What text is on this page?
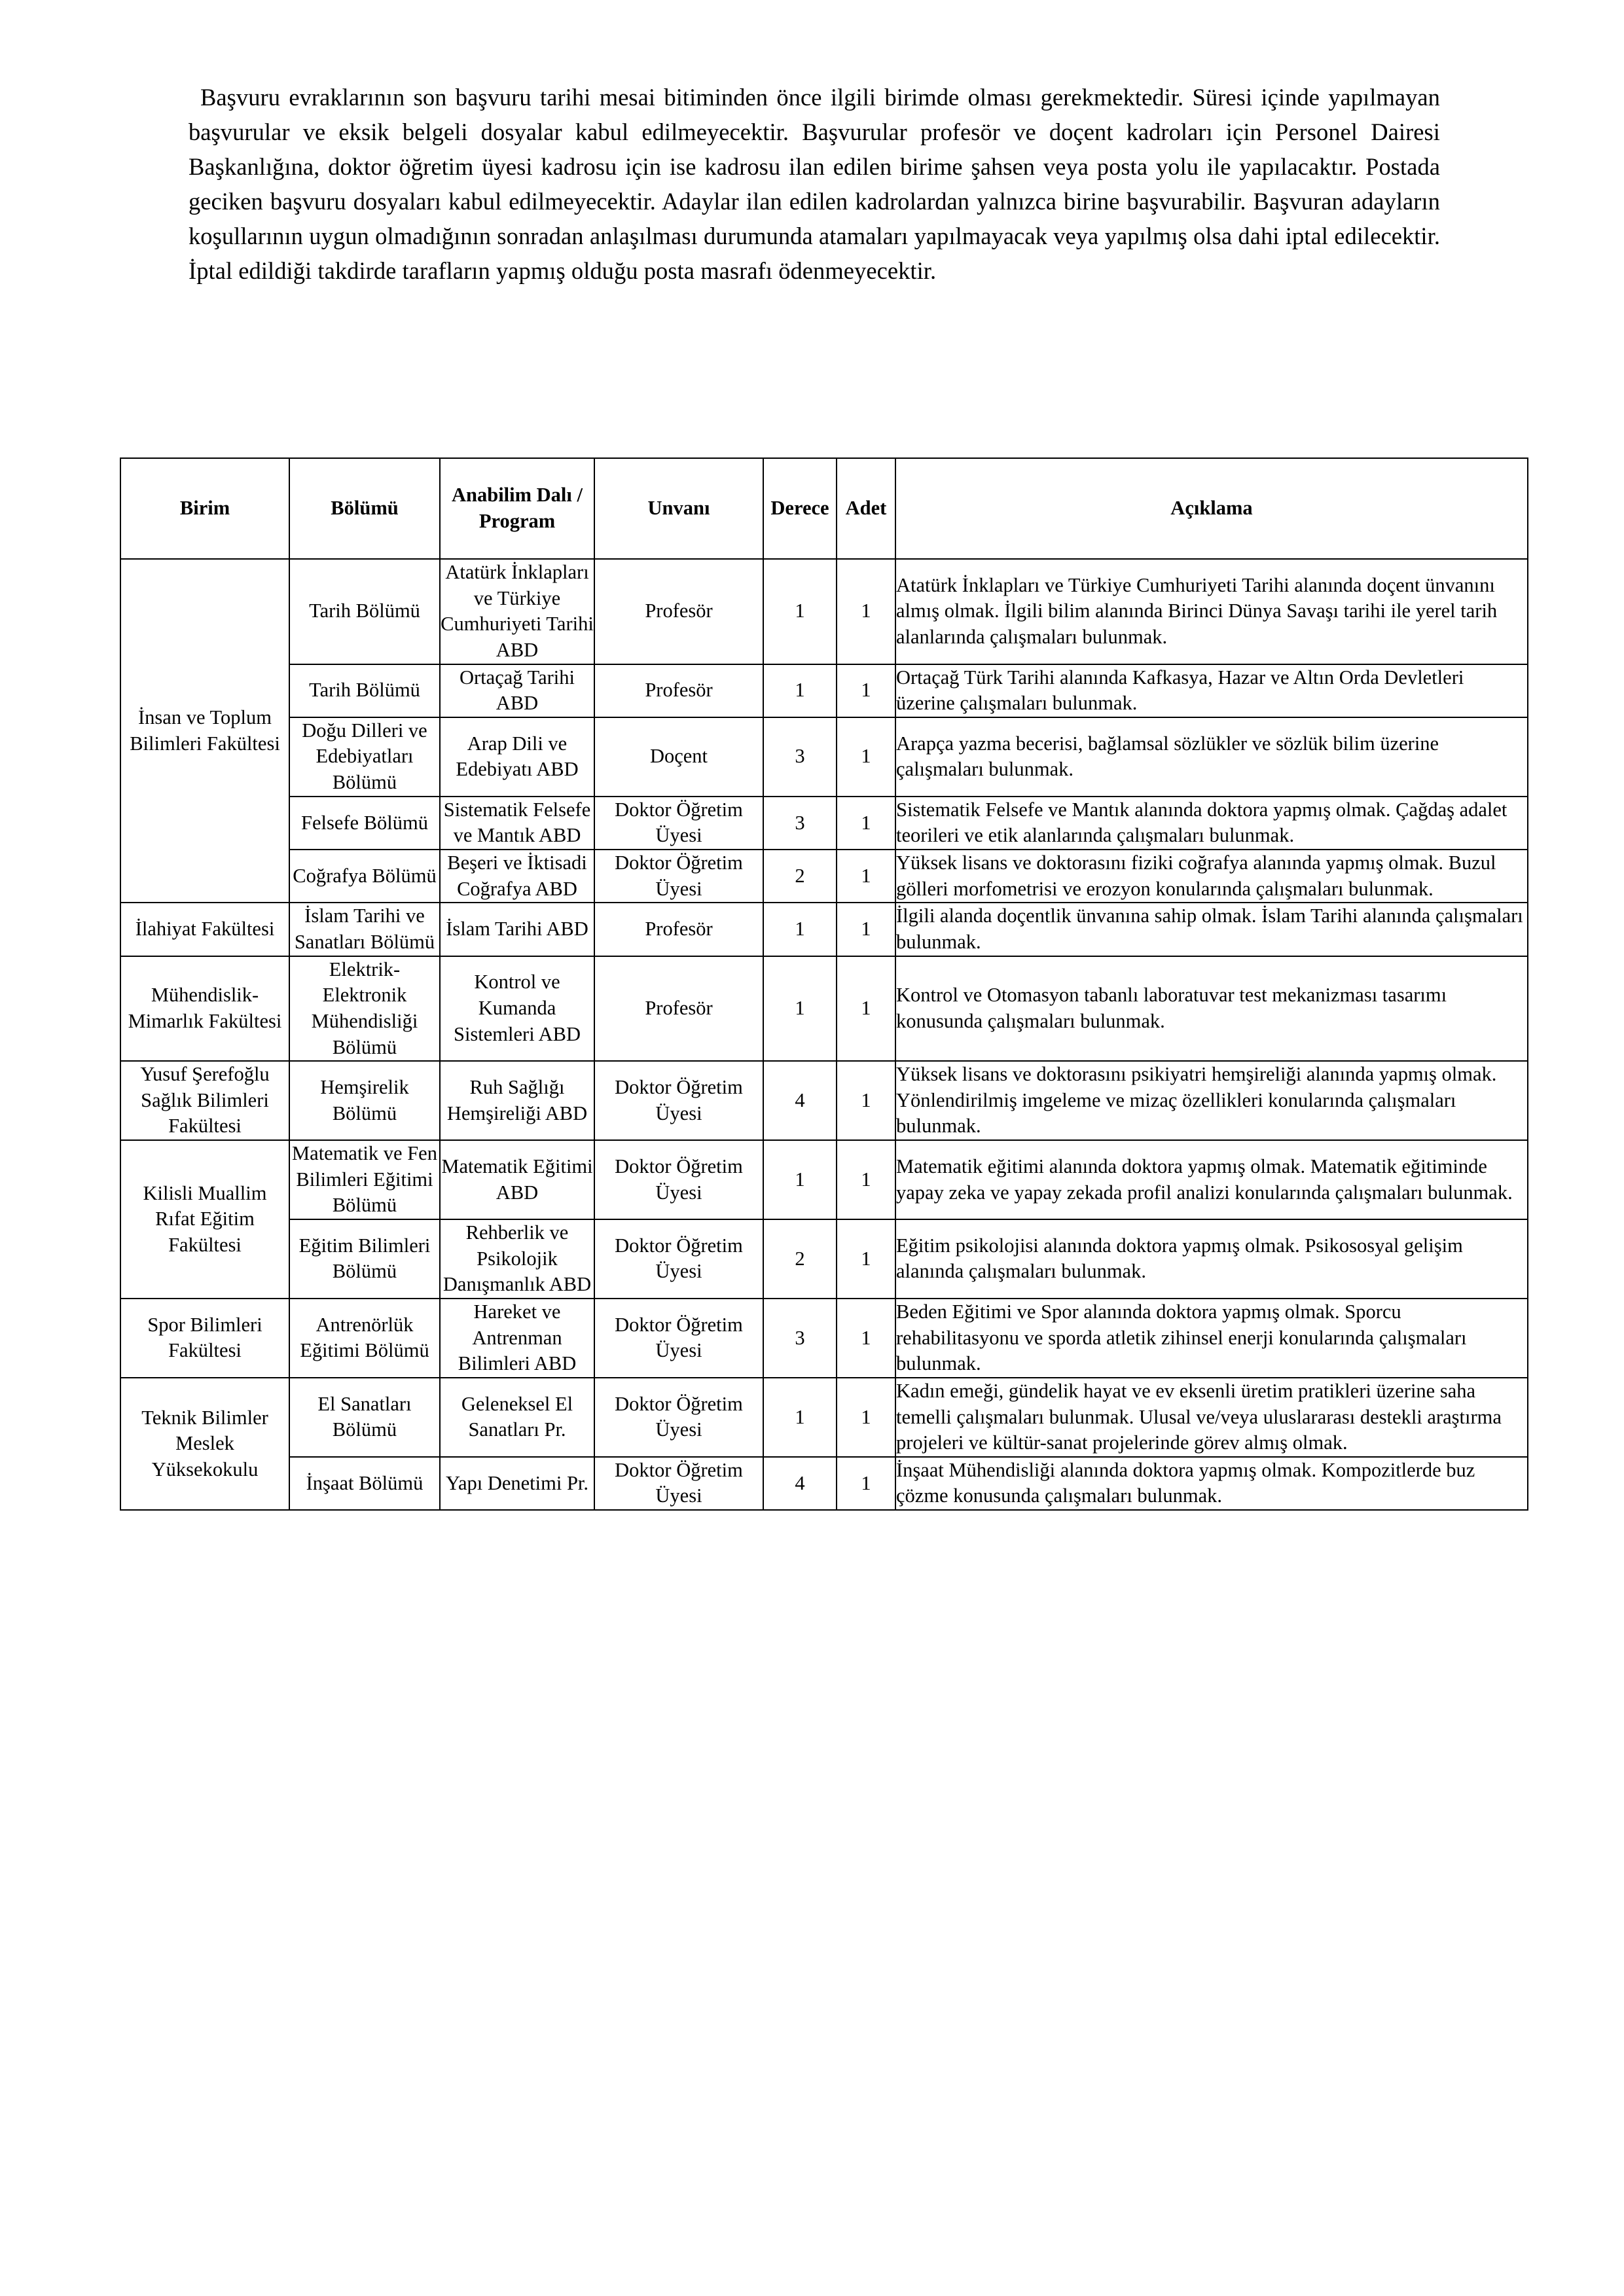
Başvuru evraklarının son başvuru tarihi mesai bitiminden önce ilgili birimde olması gerekmektedir. Süresi içinde yapılmayan başvurular ve eksik belgeli dosyalar kabul edilmeyecektir. Başvurular profesör ve doçent kadroları için Personel Dairesi Başkanlığına, doktor öğretim üyesi kadrosu için ise kadrosu ilan edilen birime şahsen veya posta yolu ile yapılacaktır. Postada geciken başvuru dosyaları kabul edilmeyecektir. Adaylar ilan edilen kadrolardan yalnızca birine başvurabilir. Başvuran adayların koşullarının uygun olmadığının sonradan anlaşılması durumunda atamaları yapılmayacak veya yapılmış olsa dahi iptal edilecektir. İptal edildiği takdirde tarafların yapmış olduğu posta masrafı ödenmeyecektir.

Birim	Bölümü	Anabilim Dalı / Program	Unvanı	Derece	Adet	Açıklama
İnsan ve Toplum Bilimleri Fakültesi	Tarih Bölümü	Atatürk İnklapları ve Türkiye Cumhuriyeti Tarihi ABD	Profesör	1	1	Atatürk İnklapları ve Türkiye Cumhuriyeti Tarihi alanında doçent ünvanını almış olmak. İlgili bilim alanında Birinci Dünya Savaşı tarihi ile yerel tarih alanlarında çalışmaları bulunmak.
	Tarih Bölümü	Ortaçağ Tarihi ABD	Profesör	1	1	Ortaçağ Türk Tarihi alanında Kafkasya, Hazar ve Altın Orda Devletleri üzerine çalışmaları bulunmak.
	Doğu Dilleri ve Edebiyatları Bölümü	Arap Dili ve Edebiyatı ABD	Doçent	3	1	Arapça yazma becerisi, bağlamsal sözlükler ve sözlük bilim üzerine çalışmaları bulunmak.
	Felsefe Bölümü	Sistematik Felsefe ve Mantık ABD	Doktor Öğretim Üyesi	3	1	Sistematik Felsefe ve Mantık alanında doktora yapmış olmak. Çağdaş adalet teorileri ve etik alanlarında çalışmaları bulunmak.
	Coğrafya Bölümü	Beşeri ve İktisadi Coğrafya ABD	Doktor Öğretim Üyesi	2	1	Yüksek lisans ve doktorasını fiziki coğrafya alanında yapmış olmak. Buzul gölleri morfometrisi ve erozyon konularında çalışmaları bulunmak.
İlahiyat Fakültesi	İslam Tarihi ve Sanatları Bölümü	İslam Tarihi ABD	Profesör	1	1	İlgili alanda doçentlik ünvanına sahip olmak. İslam Tarihi alanında çalışmaları bulunmak.
Mühendislik-Mimarlık Fakültesi	Elektrik-Elektronik Mühendisliği Bölümü	Kontrol ve Kumanda Sistemleri ABD	Profesör	1	1	Kontrol ve Otomasyon tabanlı laboratuvar test mekanizması tasarımı konusunda çalışmaları bulunmak.
Yusuf Şerefoğlu Sağlık Bilimleri Fakültesi	Hemşirelik Bölümü	Ruh Sağlığı Hemşireliği ABD	Doktor Öğretim Üyesi	4	1	Yüksek lisans ve doktorasını psikiyatri hemşireliği alanında yapmış olmak. Yönlendirilmiş imgeleme ve mizaç özellikleri konularında çalışmaları bulunmak.
Kilisli Muallim Rıfat Eğitim Fakültesi	Matematik ve Fen Bilimleri Eğitimi Bölümü	Matematik Eğitimi ABD	Doktor Öğretim Üyesi	1	1	Matematik eğitimi alanında doktora yapmış olmak. Matematik eğitiminde yapay zeka ve yapay zekada profil analizi konularında çalışmaları bulunmak.
	Eğitim Bilimleri Bölümü	Rehberlik ve Psikolojik Danışmanlık ABD	Doktor Öğretim Üyesi	2	1	Eğitim psikolojisi alanında doktora yapmış olmak. Psikososyal gelişim alanında çalışmaları bulunmak.
Spor Bilimleri Fakültesi	Antrenörlük Eğitimi Bölümü	Hareket ve Antrenman Bilimleri ABD	Doktor Öğretim Üyesi	3	1	Beden Eğitimi ve Spor alanında doktora yapmış olmak. Sporcu rehabilitasyonu ve sporda atletik zihinsel enerji konularında çalışmaları bulunmak.
Teknik Bilimler Meslek Yüksekokulu	El Sanatları Bölümü	Geleneksel El Sanatları Pr.	Doktor Öğretim Üyesi	1	1	Kadın emeği, gündelik hayat ve ev eksenli üretim pratikleri üzerine saha temelli çalışmaları bulunmak. Ulusal ve/veya uluslararası destekli araştırma projeleri ve kültür-sanat projelerinde görev almış olmak.
	İnşaat Bölümü	Yapı Denetimi Pr.	Doktor Öğretim Üyesi	4	1	İnşaat Mühendisliği alanında doktora yapmış olmak. Kompozitlerde buz çözme konusunda çalışmaları bulunmak.
